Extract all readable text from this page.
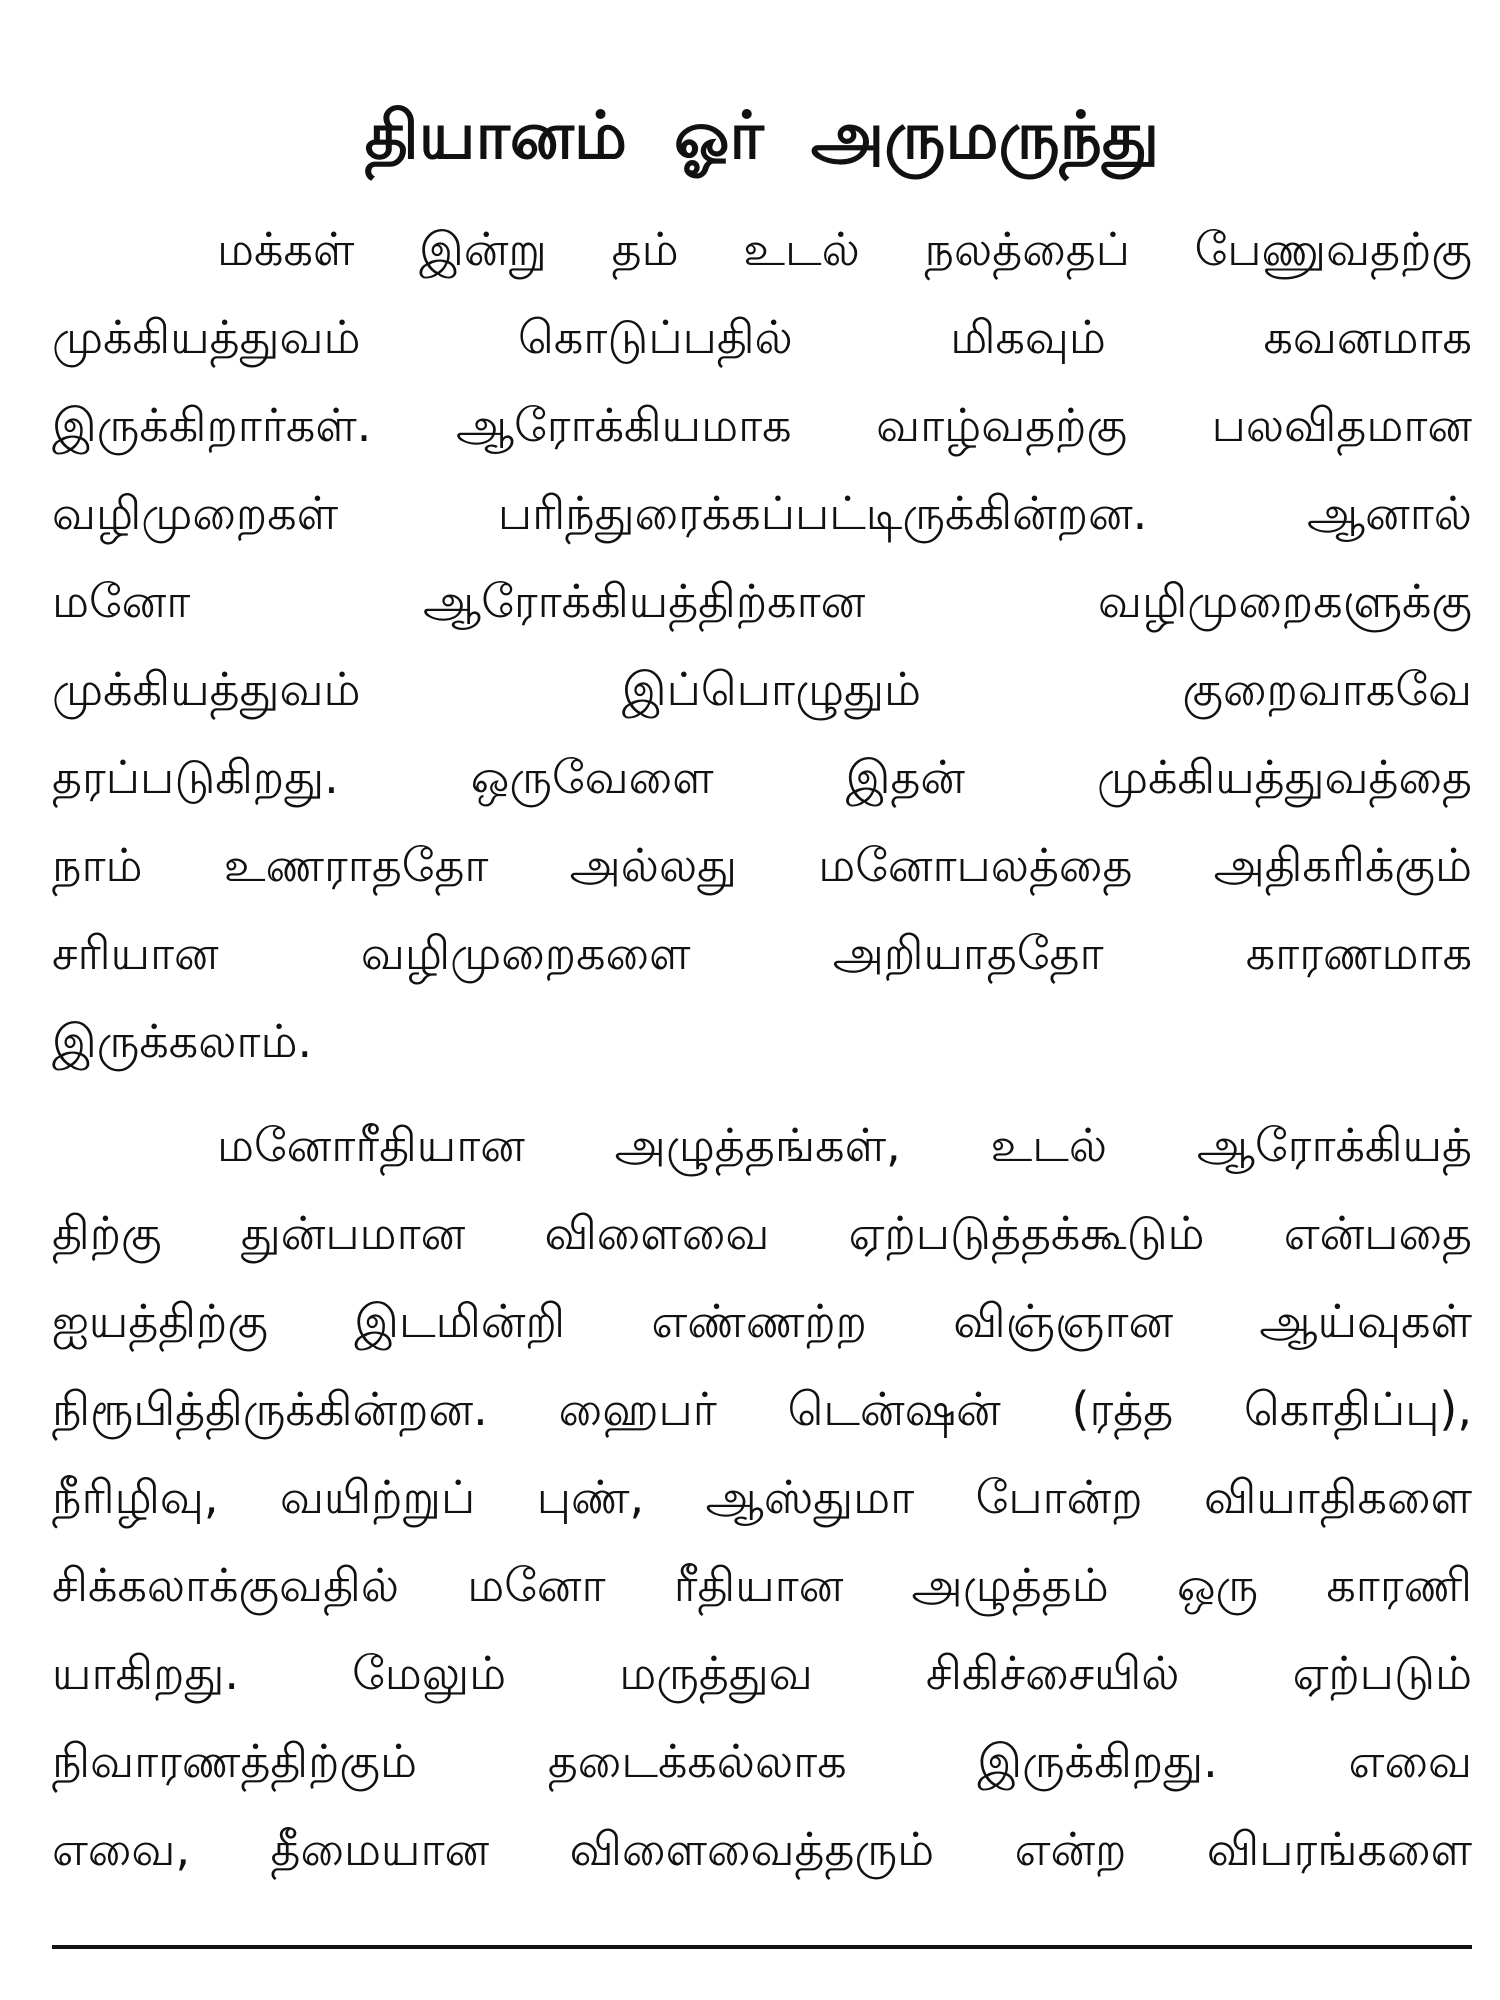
தியானம் ஓர் அருமருந்து

மக்கள் இன்று தம் உடல் நலத்தைப் பேணுவதற்கு
முக்கியத்துவம் கொடுப்பதில் மிகவும் கவனமாக
இருக்கிறார்கள். ஆரோக்கியமாக வாழ்வதற்கு பலவிதமான
வழிமுறைகள் பரிந்துரைக்கப்பட்டிருக்கின்றன. ஆனால்
மனோ ஆரோக்கியத்திற்கான வழிமுறைகளுக்கு
முக்கியத்துவம் இப்பொழுதும் குறைவாகவே
தரப்படுகிறது. ஒருவேளை இதன் முக்கியத்துவத்தை
நாம் உணராததோ அல்லது மனோபலத்தை அதிகரிக்கும்
சரியான வழிமுறைகளை அறியாததோ காரணமாக
இருக்கலாம்.

மனோரீதியான அழுத்தங்கள், உடல் ஆரோக்கியத்
திற்கு துன்பமான விளைவை ஏற்படுத்தக்கூடும் என்பதை
ஐயத்திற்கு இடமின்றி எண்ணற்ற விஞ்ஞான ஆய்வுகள்
நிரூபித்திருக்கின்றன. ஹைபர் டென்ஷன் (ரத்த கொதிப்பு),
நீரிழிவு, வயிற்றுப் புண், ஆஸ்துமா போன்ற வியாதிகளை
சிக்கலாக்குவதில் மனோ ரீதியான அழுத்தம் ஒரு காரணி
யாகிறது. மேலும் மருத்துவ சிகிச்சையில் ஏற்படும்
நிவாரணத்திற்கும் தடைக்கல்லாக இருக்கிறது. எவை
எவை, தீமையான விளைவைத்தரும் என்ற விபரங்களை
